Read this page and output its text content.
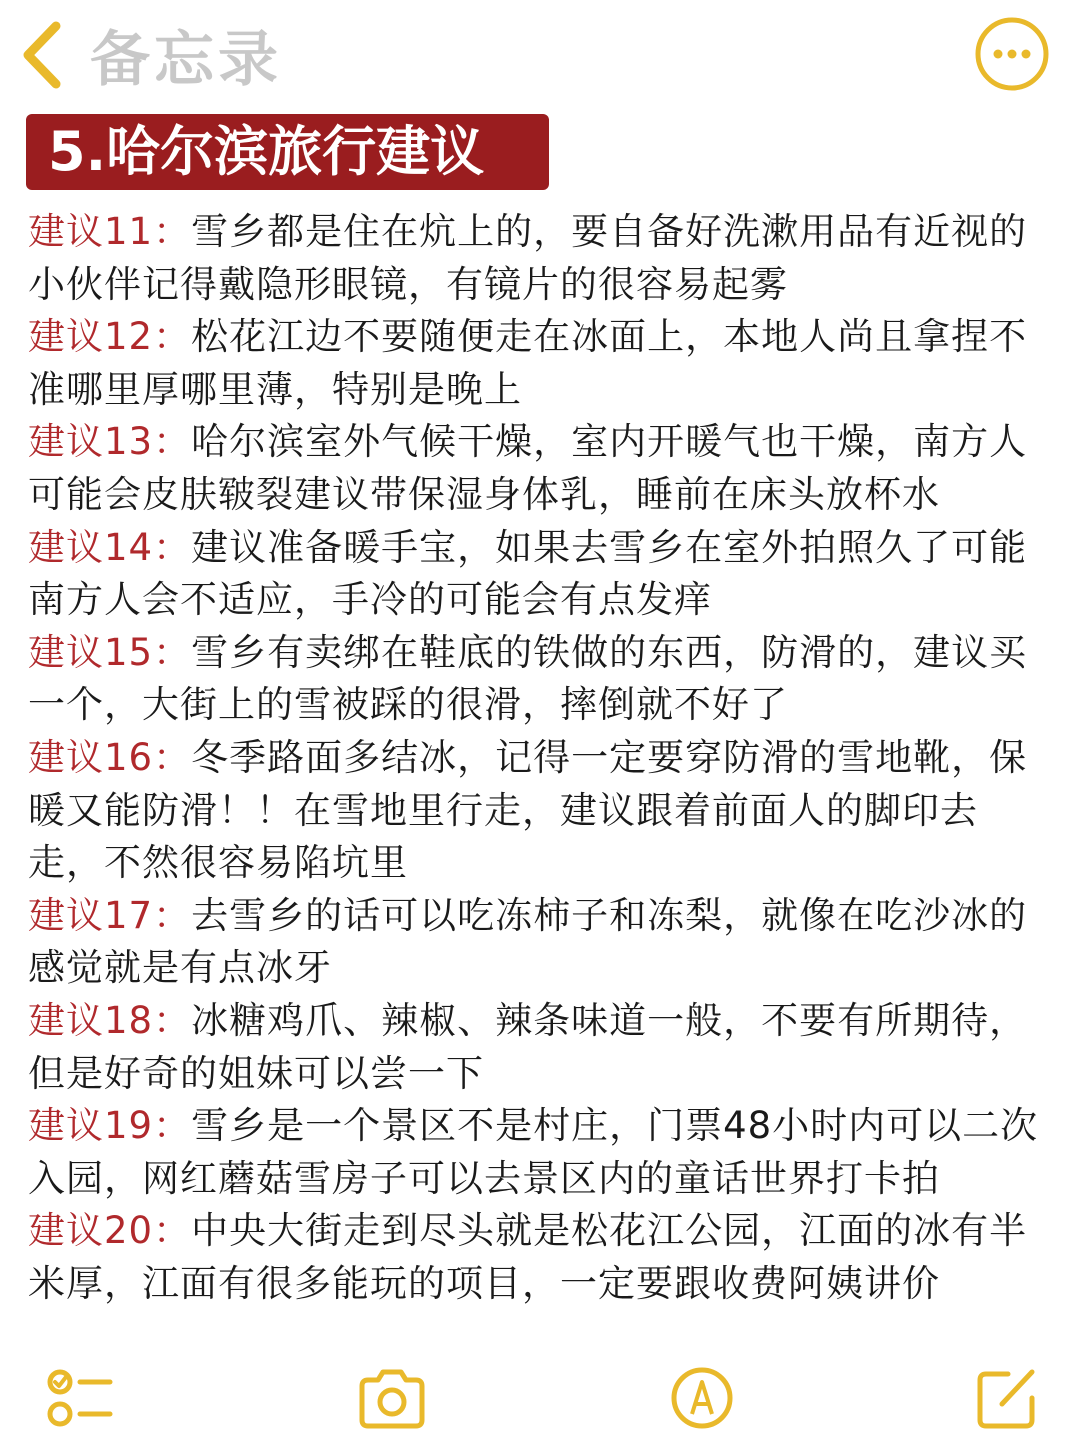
备忘录
5.哈尔滨旅行建议
建议11：雪乡都是住在炕上的，要自备好洗漱用品有近视的小伙伴记得戴隐形眼镜，有镜片的很容易起雾
建议12：松花江边不要随便走在冰面上，本地人尚且拿捏不准哪里厚哪里薄，特别是晚上
建议13：哈尔滨室外气候干燥，室内开暖气也干燥，南方人可能会皮肤皲裂建议带保湿身体乳，睡前在床头放杯水
建议14：建议准备暖手宝，如果去雪乡在室外拍照久了可能南方人会不适应，手冷的可能会有点发痒
建议15：雪乡有卖绑在鞋底的铁做的东西，防滑的，建议买一个，大街上的雪被踩的很滑，摔倒就不好了
建议16：冬季路面多结冰，记得一定要穿防滑的雪地靴，保暖又能防滑！！在雪地里行走，建议跟着前面人的脚印去走，不然很容易陷坑里
建议17：去雪乡的话可以吃冻柿子和冻梨，就像在吃沙冰的感觉就是有点冰牙
建议18：冰糖鸡爪、辣椒、辣条味道一般，不要有所期待，但是好奇的姐妹可以尝一下
建议19：雪乡是一个景区不是村庄，门票48小时内可以二次入园，网红蘑菇雪房子可以去景区内的童话世界打卡拍
建议20：中央大街走到尽头就是松花江公园，江面的冰有半米厚，江面有很多能玩的项目，一定要跟收费阿姨讲价
